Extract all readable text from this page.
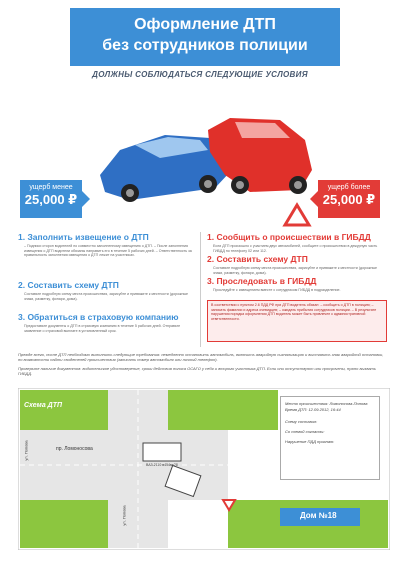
Оформление ДТП
без сотрудников полиции
ДОЛЖНЫ СОБЛЮДАТЬСЯ СЛЕДУЮЩИЕ УСЛОВИЯ
ущерб менее
25,000 ₽
ущерб более
25,000 ₽
1. Заполнить извещение о ДТП
– Подписи сторон водителей по совместно заполненному извещению о ДТП. – После заполнения извещения о ДТП водители обязаны направить его в течение 5 рабочих дней. – Ответственность за правильность заполнения извещения о ДТП лежит на участниках.
2. Составить схему ДТП
Составьте подробную схему места происшествия, зарисуйте и привяжите к местности (дорожные знаки, разметку, фонари, дома).
3. Обратиться в страховую компанию
Предоставьте документы о ДТП в страховую компанию в течение 5 рабочих дней. Отправьте заявление о страховой выплате в установленный срок.
1. Сообщить о происшествии в ГИБДД
Если ДТП произошло с участием двух автомобилей, сообщите о происшествии в дежурную часть ГИБДД по телефону 02 или 112.
2. Составить схему ДТП
Составьте подробную схему места происшествия, зарисуйте и привяжите к местности (дорожные знаки, разметку, фонари, дома).
3. Проследовать в ГИБДД
Проследуйте с извещением вместе с сотрудником ГИБДД в подразделение.
В соответствии с пунктом 2.6 ПДД РФ при ДТП водитель обязан: – сообщить о ДТП в полицию; – записать фамилии и адреса очевидцев; – ожидать прибытия сотрудников полиции. – В результате нарушения порядка оформления ДТП водитель может быть привлечен к административной ответственности.

Прежде всего, после ДТП необходимо выполнить следующие требования: немедленно остановить автомобиль, включить аварийную сигнализацию и выставить знак аварийной остановки, по возможности найти свидетелей происшествия (записать номер автомобиля или личный телефон).

Проверьте наличие документов: водительское удостоверение, сроки действия полиса ОСАГО у себя и второго участника ДТП. Если они отсутствуют или просрочены, нужно вызвать ГИБДД.

Схема ДТП
ул. Попова	пр. Ломоносова
ул. Попова
ВАЗ-2110 в454мк28
Дом №18
Место происшествия: Ломоносова-Попова
Время ДТП: 12.09.2012, 16:44
Схему составил:
Со схемой согласны:
Нарушение ПДД признаю:
